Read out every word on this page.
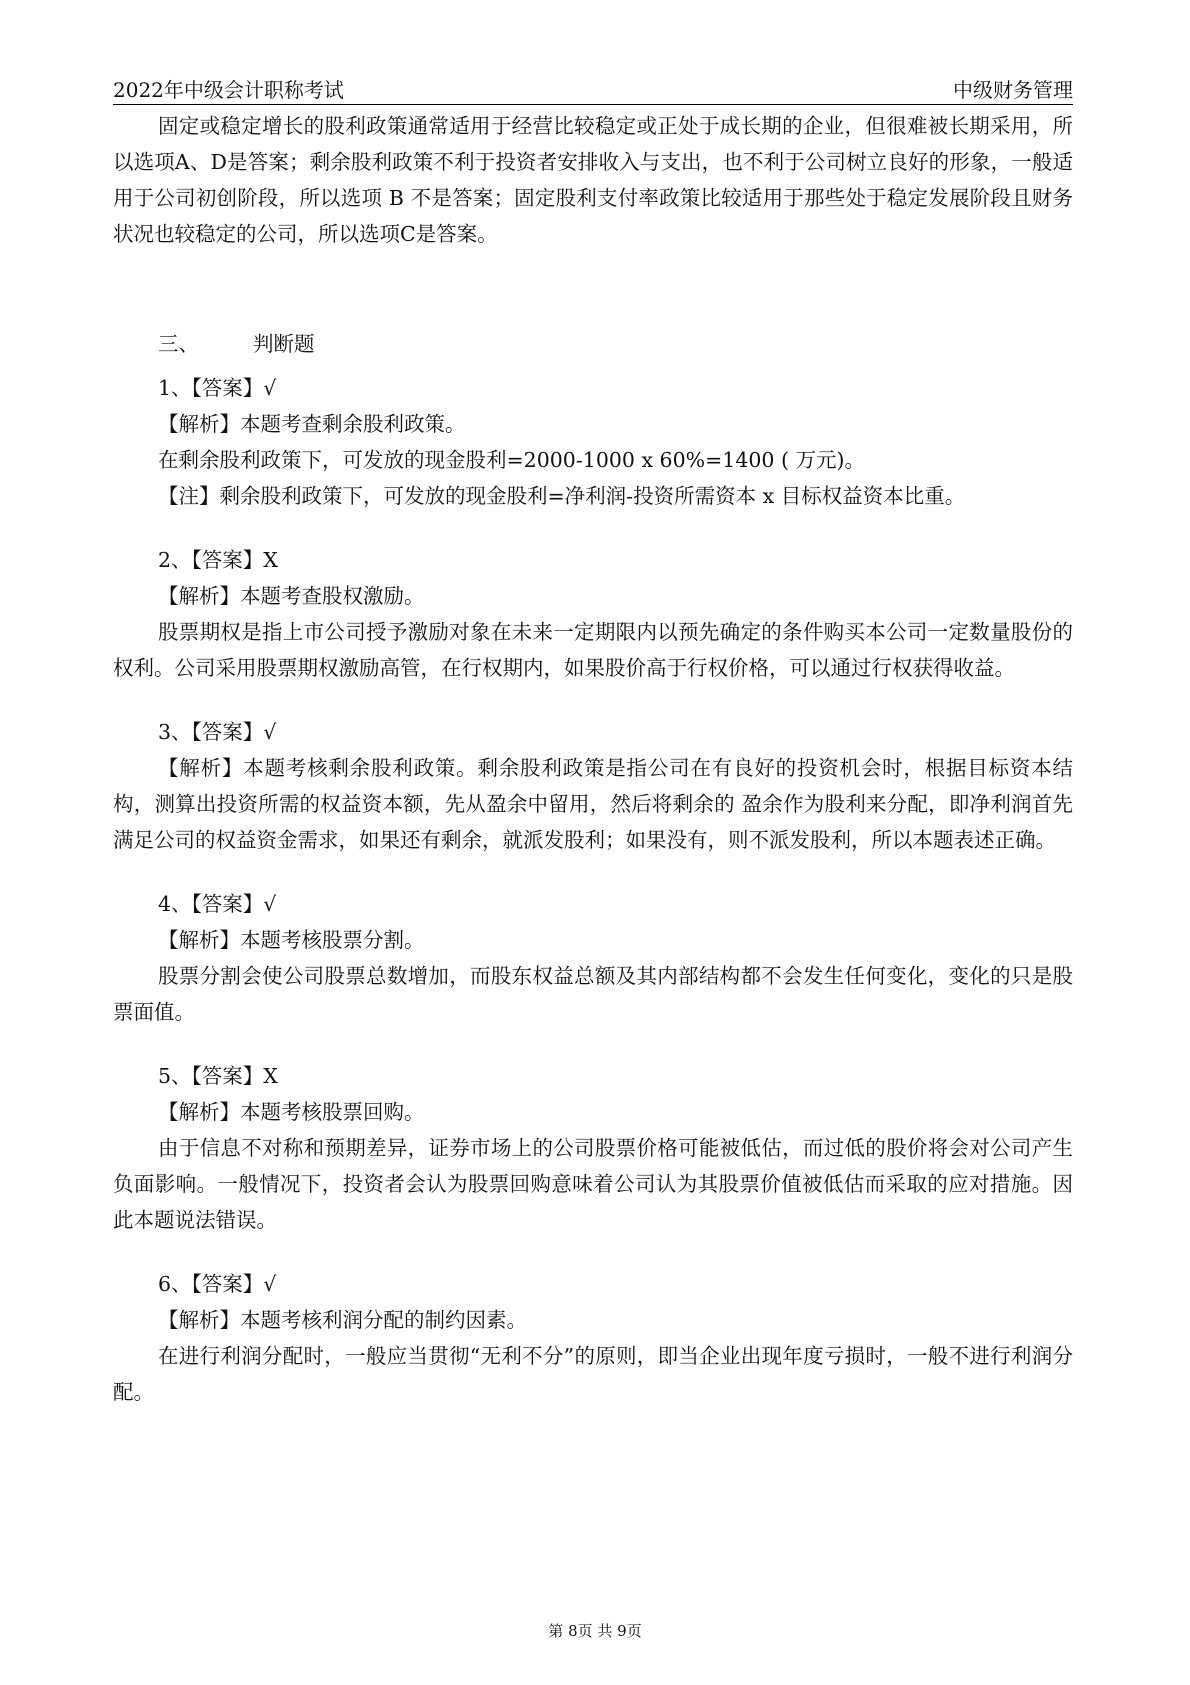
2022年中级会计职称考试	中级财务管理

固定或稳定增长的股利政策通常适用于经营比较稳定或正处于成长期的企业，但很难被长期采用，所以选项A、D是答案；剩余股利政策不利于投资者安排收入与支出，也不利于公司树立良好的形象，一般适用于公司初创阶段，所以选项 B 不是答案；固定股利支付率政策比较适用于那些处于稳定发展阶段且财务状况也较稳定的公司，所以选项C是答案。

三、	判断题

1、【答案】√

【解析】本题考查剩余股利政策。

在剩余股利政策下，可发放的现金股利=2000-1000 x 60%=1400 ( 万元)。

【注】剩余股利政策下，可发放的现金股利=净利润-投资所需资本 x 目标权益资本比重。

2、【答案】X

【解析】本题考查股权激励。

股票期权是指上市公司授予激励对象在未来一定期限内以预先确定的条件购买本公司一定数量股份的权利。公司采用股票期权激励高管，在行权期内，如果股价高于行权价格，可以通过行权获得收益。

3、【答案】√

【解析】本题考核剩余股利政策。剩余股利政策是指公司在有良好的投资机会时，根据目标资本结构，测算出投资所需的权益资本额，先从盈余中留用，然后将剩余的 盈余作为股利来分配，即净利润首先满足公司的权益资金需求，如果还有剩余，就派发股利；如果没有，则不派发股利，所以本题表述正确。

4、【答案】√

【解析】本题考核股票分割。

股票分割会使公司股票总数增加，而股东权益总额及其内部结构都不会发生任何变化，变化的只是股票面值。

5、【答案】X

【解析】本题考核股票回购。

由于信息不对称和预期差异，证券市场上的公司股票价格可能被低估，而过低的股价将会对公司产生负面影响。一般情况下，投资者会认为股票回购意味着公司认为其股票价值被低估而采取的应对措施。因此本题说法错误。

6、【答案】√

【解析】本题考核利润分配的制约因素。

在进行利润分配时，一般应当贯彻“无利不分”的原则，即当企业出现年度亏损时，一般不进行利润分配。

第 8页 共 9页
